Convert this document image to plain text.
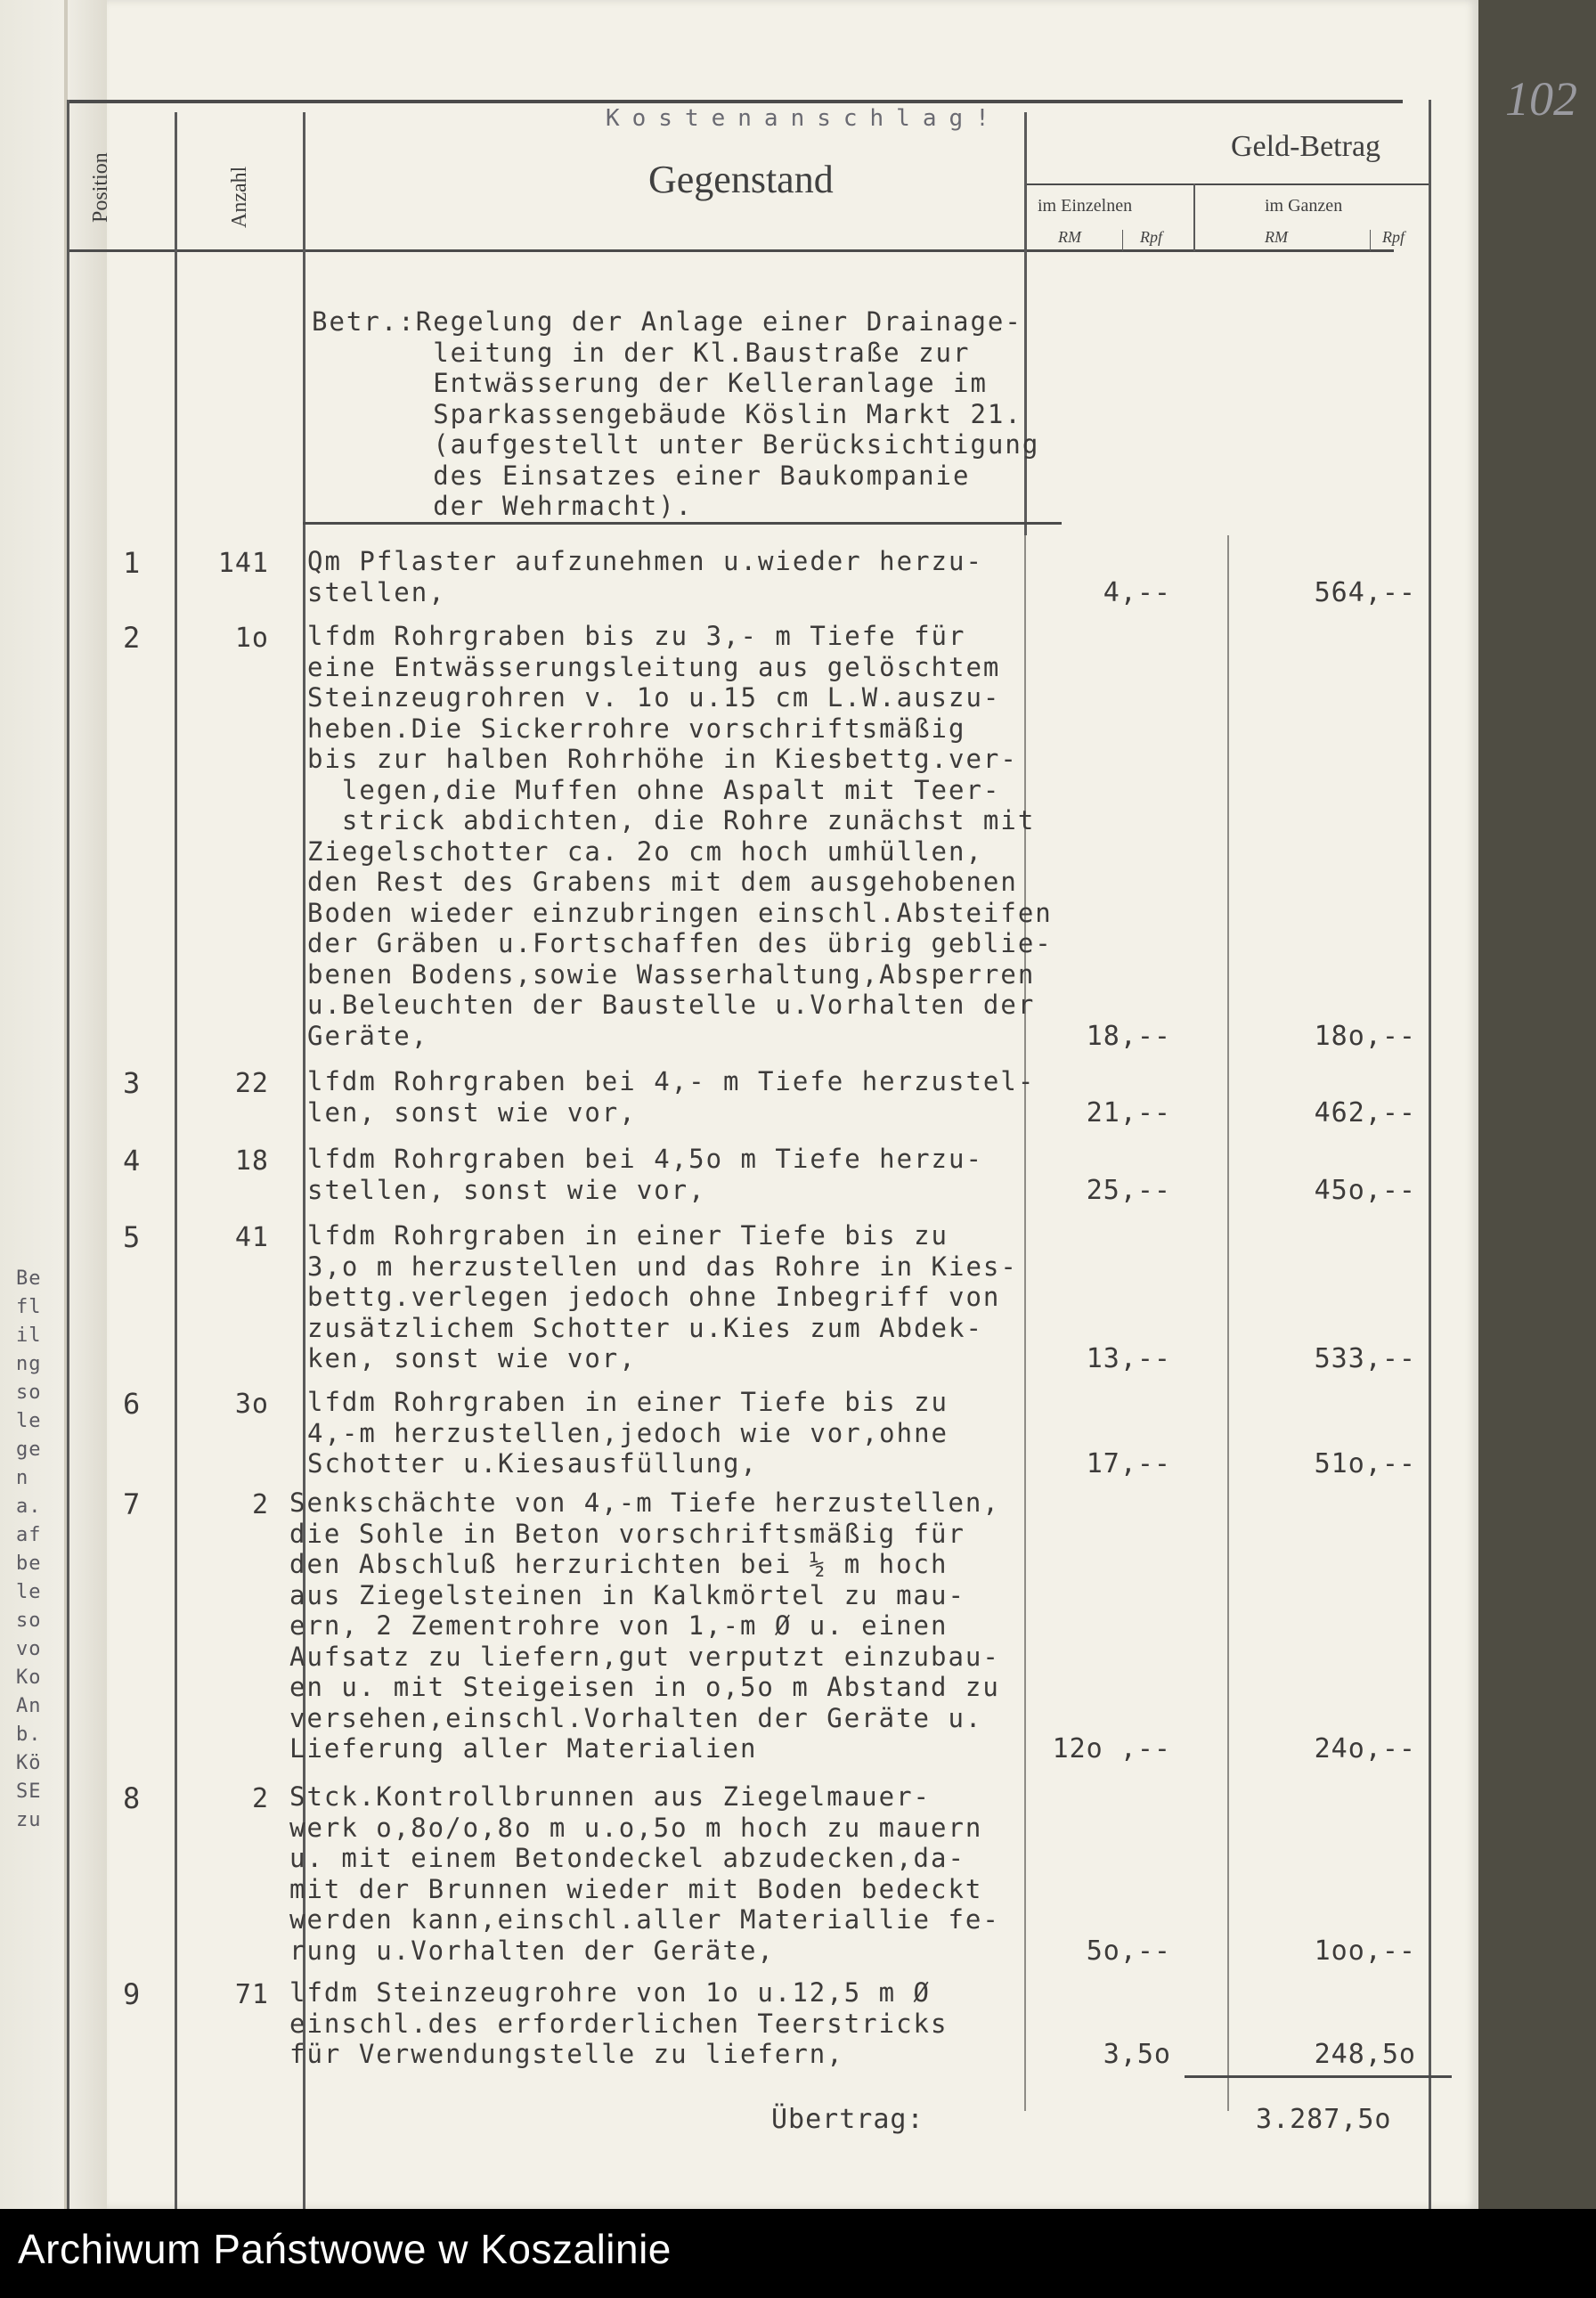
Be
fl
il
ng
so
le
ge
n
a.
af
be
le
so
vo
Ko
An
b.
Kö
SE
zu
102
Kostenanschlag!
Position	Anzahl	Gegenstand
Geld-Betrag
im Einzelnen	im Ganzen
RM	Rpf	RM	Rpf
Betr.:Regelung der Anlage einer Drainage-
leitung in der Kl.Baustraße zur
Entwässerung der Kelleranlage im
Sparkassengebäude Köslin Markt 21.
(aufgestellt unter Berücksichtigung
des Einsatzes einer Baukompanie
der Wehrmacht).
1	141 Qm Pflaster aufzunehmen u.wieder herzu-
stellen,	4,--	564,--
2	1o lfdm Rohrgraben bis zu 3,- m Tiefe für
eine Entwässerungsleitung aus gelöschtem
Steinzeugrohren v. 1o u.15 cm L.W.auszu-
heben.Die Sickerrohre vorschriftsmäßig
bis zur halben Rohrhöhe in Kiesbettg.ver-
legen,die Muffen ohne Aspalt mit Teer-
strick abdichten, die Rohre zunächst mit
Ziegelschotter ca. 2o cm hoch umhüllen,
den Rest des Grabens mit dem ausgehobenen
Boden wieder einzubringen einschl.Absteifen
der Gräben u.Fortschaffen des übrig geblie-
benen Bodens,sowie Wasserhaltung,Absperren
u.Beleuchten der Baustelle u.Vorhalten der
Geräte,	18,--	18o,--
3	22 lfdm Rohrgraben bei 4,- m Tiefe herzustel-
len, sonst wie vor,	21,--	462,--
4	18 lfdm Rohrgraben bei 4,5o m Tiefe herzu-
stellen, sonst wie vor,	25,--	45o,--
5	41 lfdm Rohrgraben in einer Tiefe bis zu
3,o m herzustellen und das Rohre in Kies-
bettg.verlegen jedoch ohne Inbegriff von
zusätzlichem Schotter u.Kies zum Abdek-
ken, sonst wie vor,	13,--	533,--
6	3o lfdm Rohrgraben in einer Tiefe bis zu
4,-m herzustellen,jedoch wie vor,ohne
Schotter u.Kiesausfüllung,	17,--	51o,--
7	2 Senkschächte von 4,-m Tiefe herzustellen,
die Sohle in Beton vorschriftsmäßig für
den Abschluß herzurichten bei ½ m hoch
aus Ziegelsteinen in Kalkmörtel zu mau-
ern, 2 Zementrohre von 1,-m Ø u. einen
Aufsatz zu liefern,gut verputzt einzubau-
en u. mit Steigeisen in o,5o m Abstand zu
versehen,einschl.Vorhalten der Geräte u.
Lieferung aller Materialien	12o ,--	24o,--
8	2 Stck.Kontrollbrunnen aus Ziegelmauer-
werk o,8o/o,8o m u.o,5o m hoch zu mauern
u. mit einem Betondeckel abzudecken,da-
mit der Brunnen wieder mit Boden bedeckt
werden kann,einschl.aller Materiallie fe-
rung u.Vorhalten der Geräte,	5o,--	1oo,--
9	71 lfdm Steinzeugrohre von 1o u.12,5 m Ø
einschl.des erforderlichen Teerstricks
für Verwendungstelle zu liefern,	3,5o	248,5o
Übertrag:	3.287,5o
Archiwum Państwowe w Koszalinie
